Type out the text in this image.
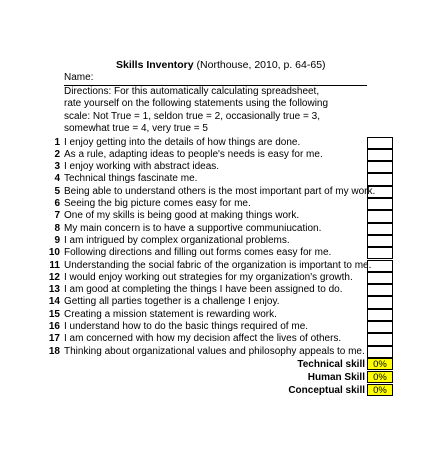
Skills Inventory (Northouse, 2010, p. 64-65)
Name:
Directions: For this automatically calculating spreadsheet,
rate yourself on the following statements using the following
scale: Not True = 1, seldon true = 2, occasionally true = 3,
somewhat true = 4, very true = 5
1 I enjoy getting into the details of how things are done.
2 As a rule, adapting ideas to people's needs is easy for me.
3 I enjoy working with abstract ideas.
4 Technical things fascinate me.
5 Being able to understand others is the most important part of my work.
6 Seeing the big picture comes easy for me.
7 One of my skills is being good at making things work.
8 My main concern is to have a supportive communiucation.
9 I am intrigued by complex organizational problems.
10 Following directions and filling out forms comes easy for me.
11 Understanding the social fabric of the organization is important to me.
12 I would enjoy working out strategies for my organization's growth.
13 I am good at completing the things I have been assigned to do.
14 Getting all parties together is a challenge I enjoy.
15 Creating a mission statement is rewarding work.
16 I understand how to do the basic things required of me.
17 I am concerned with how my decision affect the lives of others.
18 Thinking about organizational values and philosophy appeals to me.
Technical skill 0%
Human Skill 0%
Conceptual skill 0%
